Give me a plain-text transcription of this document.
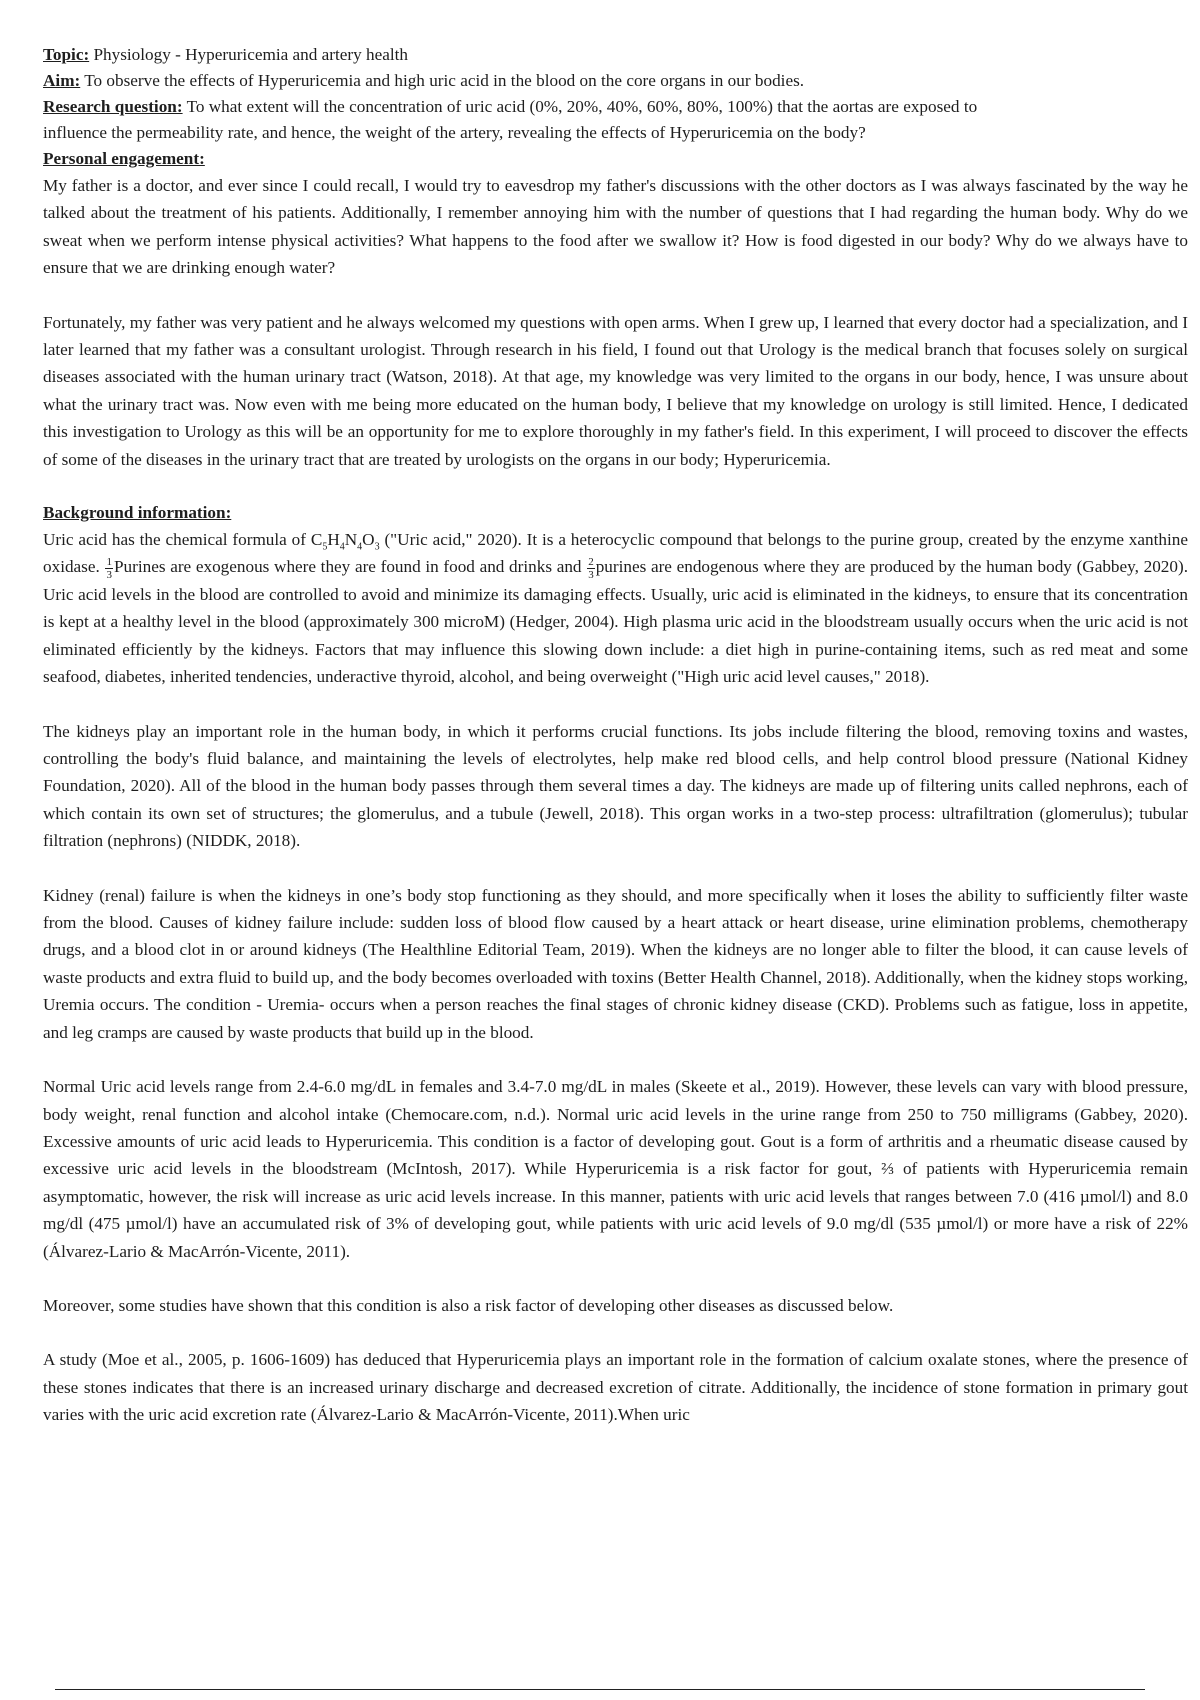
Topic: Physiology - Hyperuricemia and artery health

Aim: To observe the effects of Hyperuricemia and high uric acid in the blood on the core organs in our bodies.

Research question: To what extent will the concentration of uric acid (0%, 20%, 40%, 60%, 80%, 100%) that the aortas are exposed to
influence the permeability rate, and hence, the weight of the artery, revealing the effects of Hyperuricemia on the body?

Personal engagement:

My father is a doctor, and ever since I could recall, I would try to eavesdrop my father's discussions with the other doctors as I was always fascinated by the way he talked about the treatment of his patients. Additionally, I remember annoying him with the number of questions that I had regarding the human body. Why do we sweat when we perform intense physical activities? What happens to the food after we swallow it? How is food digested in our body? Why do we always have to ensure that we are drinking enough water?

Fortunately, my father was very patient and he always welcomed my questions with open arms. When I grew up, I learned that every doctor had a specialization, and I later learned that my father was a consultant urologist. Through research in his field, I found out that Urology is the medical branch that focuses solely on surgical diseases associated with the human urinary tract (Watson, 2018). At that age, my knowledge was very limited to the organs in our body, hence, I was unsure about what the urinary tract was. Now even with me being more educated on the human body, I believe that my knowledge on urology is still limited. Hence, I dedicated this investigation to Urology as this will be an opportunity for me to explore thoroughly in my father's field. In this experiment, I will proceed to discover the effects of some of the diseases in the urinary tract that are treated by urologists on the organs in our body; Hyperuricemia.

Background information:

Uric acid has the chemical formula of $C_5H_4N_4O_3$ ("Uric acid," 2020). It is a heterocyclic compound that belongs to the purine group, created by the enzyme xanthine oxidase. $\frac{1}{3}$ Purines are exogenous where they are found in food and drinks and $\frac{2}{3}$ purines are endogenous where they are produced by the human body (Gabbey, 2020). Uric acid levels in the blood are controlled to avoid and minimize its damaging effects. Usually, uric acid is eliminated in the kidneys, to ensure that its concentration is kept at a healthy level in the blood (approximately 300 microM) (Hedger, 2004). High plasma uric acid in the bloodstream usually occurs when the uric acid is not eliminated efficiently by the kidneys. Factors that may influence this slowing down include: a diet high in purine-containing items, such as red meat and some seafood, diabetes, inherited tendencies, underactive thyroid, alcohol, and being overweight ("High uric acid level causes," 2018).

The kidneys play an important role in the human body, in which it performs crucial functions. Its jobs include filtering the blood, removing toxins and wastes, controlling the body's fluid balance, and maintaining the levels of electrolytes, help make red blood cells, and help control blood pressure (National Kidney Foundation, 2020). All of the blood in the human body passes through them several times a day. The kidneys are made up of filtering units called nephrons, each of which contain its own set of structures; the glomerulus, and a tubule (Jewell, 2018). This organ works in a two-step process: ultrafiltration (glomerulus); tubular filtration (nephrons) (NIDDK, 2018).

Kidney (renal) failure is when the kidneys in one’s body stop functioning as they should, and more specifically when it loses the ability to sufficiently filter waste from the blood. Causes of kidney failure include: sudden loss of blood flow caused by a heart attack or heart disease, urine elimination problems, chemotherapy drugs, and a blood clot in or around kidneys (The Healthline Editorial Team, 2019). When the kidneys are no longer able to filter the blood, it can cause levels of waste products and extra fluid to build up, and the body becomes overloaded with toxins (Better Health Channel, 2018). Additionally, when the kidney stops working, Uremia occurs. The condition - Uremia- occurs when a person reaches the final stages of chronic kidney disease (CKD). Problems such as fatigue, loss in appetite, and leg cramps are caused by waste products that build up in the blood.

Normal Uric acid levels range from 2.4-6.0 mg/dL in females and 3.4-7.0 mg/dL in males (Skeete et al., 2019). However, these levels can vary with blood pressure, body weight, renal function and alcohol intake (Chemocare.com, n.d.). Normal uric acid levels in the urine range from 250 to 750 milligrams (Gabbey, 2020). Excessive amounts of uric acid leads to Hyperuricemia. This condition is a factor of developing gout. Gout is a form of arthritis and a rheumatic disease caused by excessive uric acid levels in the bloodstream (McIntosh, 2017). While Hyperuricemia is a risk factor for gout, ⅔ of patients with Hyperuricemia remain asymptomatic, however, the risk will increase as uric acid levels increase. In this manner, patients with uric acid levels that ranges between 7.0 (416 µmol/l) and 8.0 mg/dl (475 µmol/l) have an accumulated risk of 3% of developing gout, while patients with uric acid levels of 9.0 mg/dl (535 µmol/l) or more have a risk of 22% (Álvarez-Lario & MacArrón-Vicente, 2011).

Moreover, some studies have shown that this condition is also a risk factor of developing other diseases as discussed below.

A study (Moe et al., 2005, p. 1606-1609) has deduced that Hyperuricemia plays an important role in the formation of calcium oxalate stones, where the presence of these stones indicates that there is an increased urinary discharge and decreased excretion of citrate. Additionally, the incidence of stone formation in primary gout varies with the uric acid excretion rate (Álvarez-Lario & MacArrón-Vicente, 2011).When uric
